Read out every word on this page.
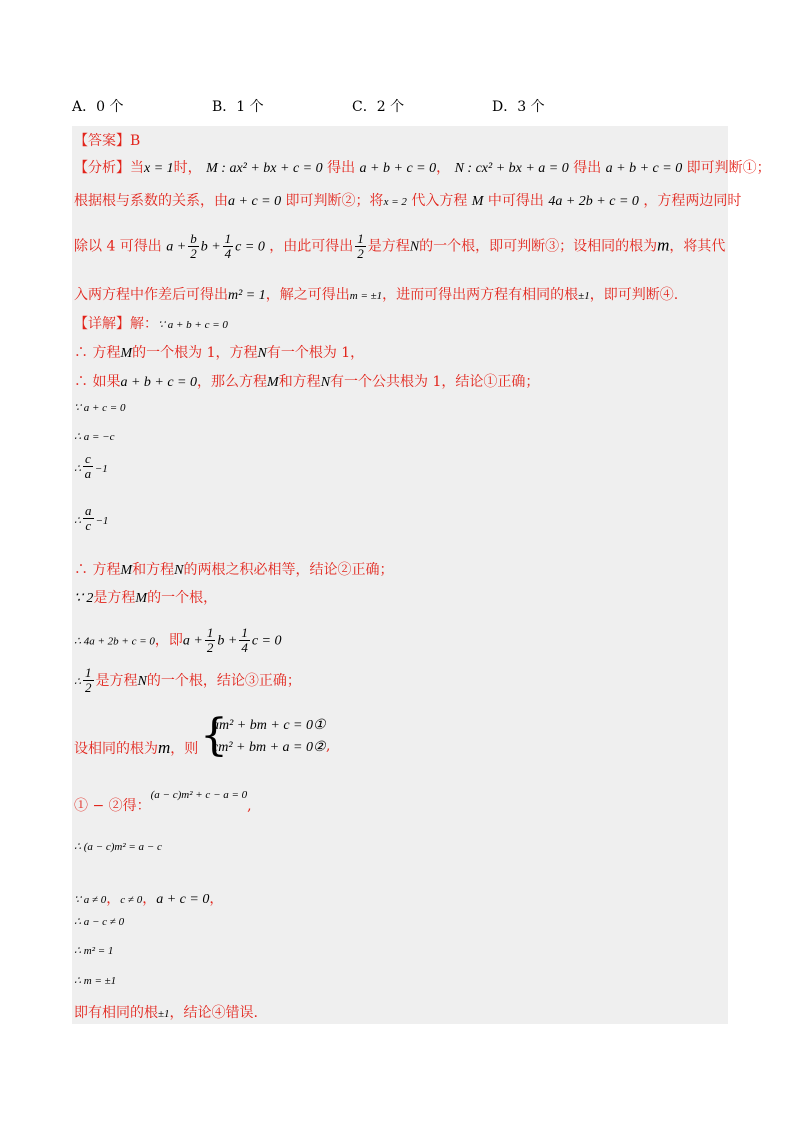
A．0 个	B．1 个	C．2 个	D．3 个
【答案】B
【分析】当x = 1时， M : ax² + bx + c = 0 得出 a + b + c = 0， N : cx² + bx + a = 0 得出 a + b + c = 0 即可判断①；
根据根与系数的关系，由a + c = 0 即可判断②；将x = 2 代入方程 M 中可得出 4a + 2b + c = 0 ，方程两边同时
除以 4 可得出 $a + \frac{b}{2}$ $b + \frac{1}{4}$ c = 0 ，由此可得出 $\frac{1}{2}$ 是方程N的一个根，即可判断③；设相同的根为m，将其代
入两方程中作差后可得出m² = 1，解之可得出m = ±1，进而可得出两方程有相同的根±1，即可判断④.
【详解】解：∵ a + b + c = 0
∴ 方程M的一个根为 1，方程N有一个根为 1，
∴ 如果a + b + c = 0，那么方程M和方程N有一个公共根为 1，结论①正确；
∵ a + c = 0
∴ a = −c
∴ $\frac{c}{a} -1$
∴ $\frac{a}{c} -1$
∴ 方程M和方程N的两根之积必相等，结论②正确；
∵ 2是方程M的一个根，
∴ 4a + 2b + c = 0，即$a + \frac{1}{2}$ $b + \frac{1}{4}$ c = 0
∴ $\frac{1}{2}$ 是方程N的一个根，结论③正确；
设相同的根为m，则 {
am² + bm + c = 0①
cm² + bm + a = 0② ,
① − ②得：$^{(a - c)m^2 + c - a = 0}$,
∴ (a − c)m² = a − c
∵ a ≠ 0，c ≠ 0，a + c = 0，
∴ a − c ≠ 0
∴ m² = 1
∴ m = ±1
即有相同的根±1，结论④错误.
